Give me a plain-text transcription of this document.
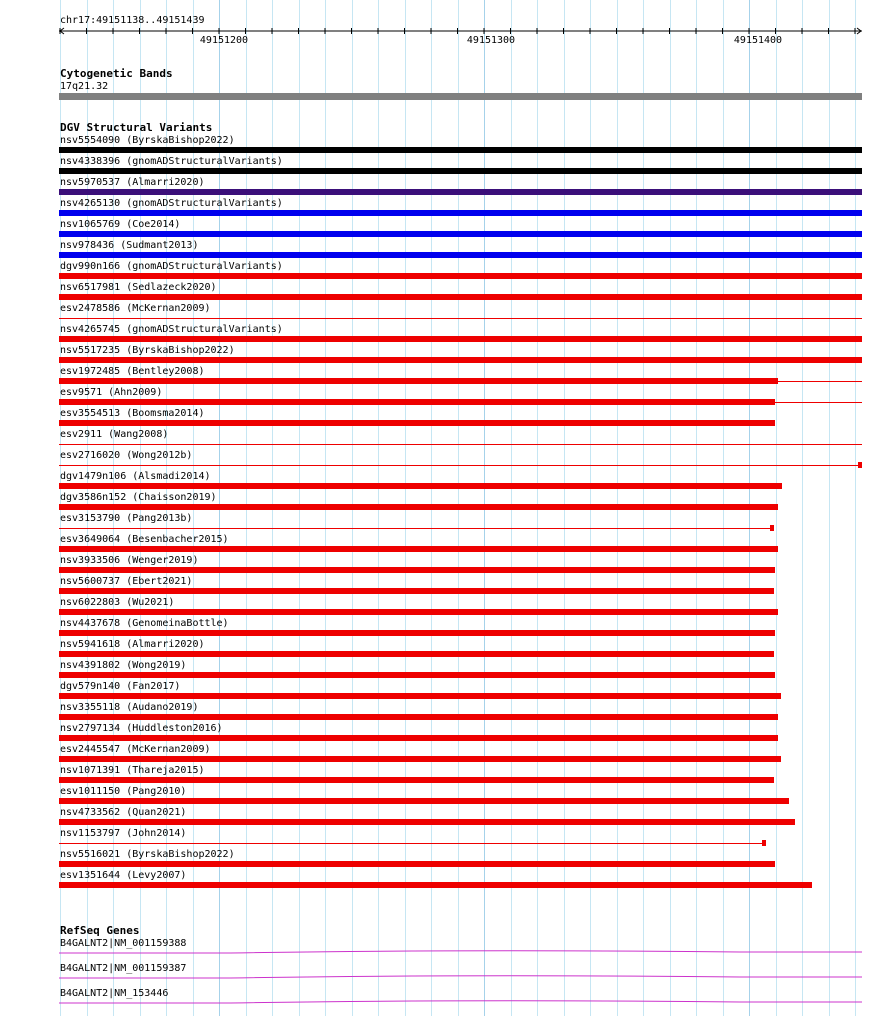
chr17:49151138..49151439
49151200	49151300	49151400
Cytogenetic Bands
17q21.32
DGV Structural Variants
nsv5554090 (ByrskaBishop2022)
nsv4338396 (gnomADStructuralVariants)
nsv5970537 (Almarri2020)
nsv4265130 (gnomADStructuralVariants)
nsv1065769 (Coe2014)
nsv978436 (Sudmant2013)
dgv990n166 (gnomADStructuralVariants)
nsv6517981 (Sedlazeck2020)
esv2478586 (McKernan2009)
nsv4265745 (gnomADStructuralVariants)
nsv5517235 (ByrskaBishop2022)
esv1972485 (Bentley2008)
esv9571 (Ahn2009)
esv3554513 (Boomsma2014)
esv2911 (Wang2008)
esv2716020 (Wong2012b)
dgv1479n106 (Alsmadi2014)
dgv3586n152 (Chaisson2019)
esv3153790 (Pang2013b)
esv3649064 (Besenbacher2015)
nsv3933506 (Wenger2019)
nsv5600737 (Ebert2021)
nsv6022803 (Wu2021)
nsv4437678 (GenomeinaBottle)
nsv5941618 (Almarri2020)
nsv4391802 (Wong2019)
dgv579n140 (Fan2017)
nsv3355118 (Audano2019)
nsv2797134 (Huddleston2016)
esv2445547 (McKernan2009)
nsv1071391 (Thareja2015)
esv1011150 (Pang2010)
nsv4733562 (Quan2021)
nsv1153797 (John2014)
nsv5516021 (ByrskaBishop2022)
esv1351644 (Levy2007)
RefSeq Genes
B4GALNT2|NM_001159388
B4GALNT2|NM_001159387
B4GALNT2|NM_153446
